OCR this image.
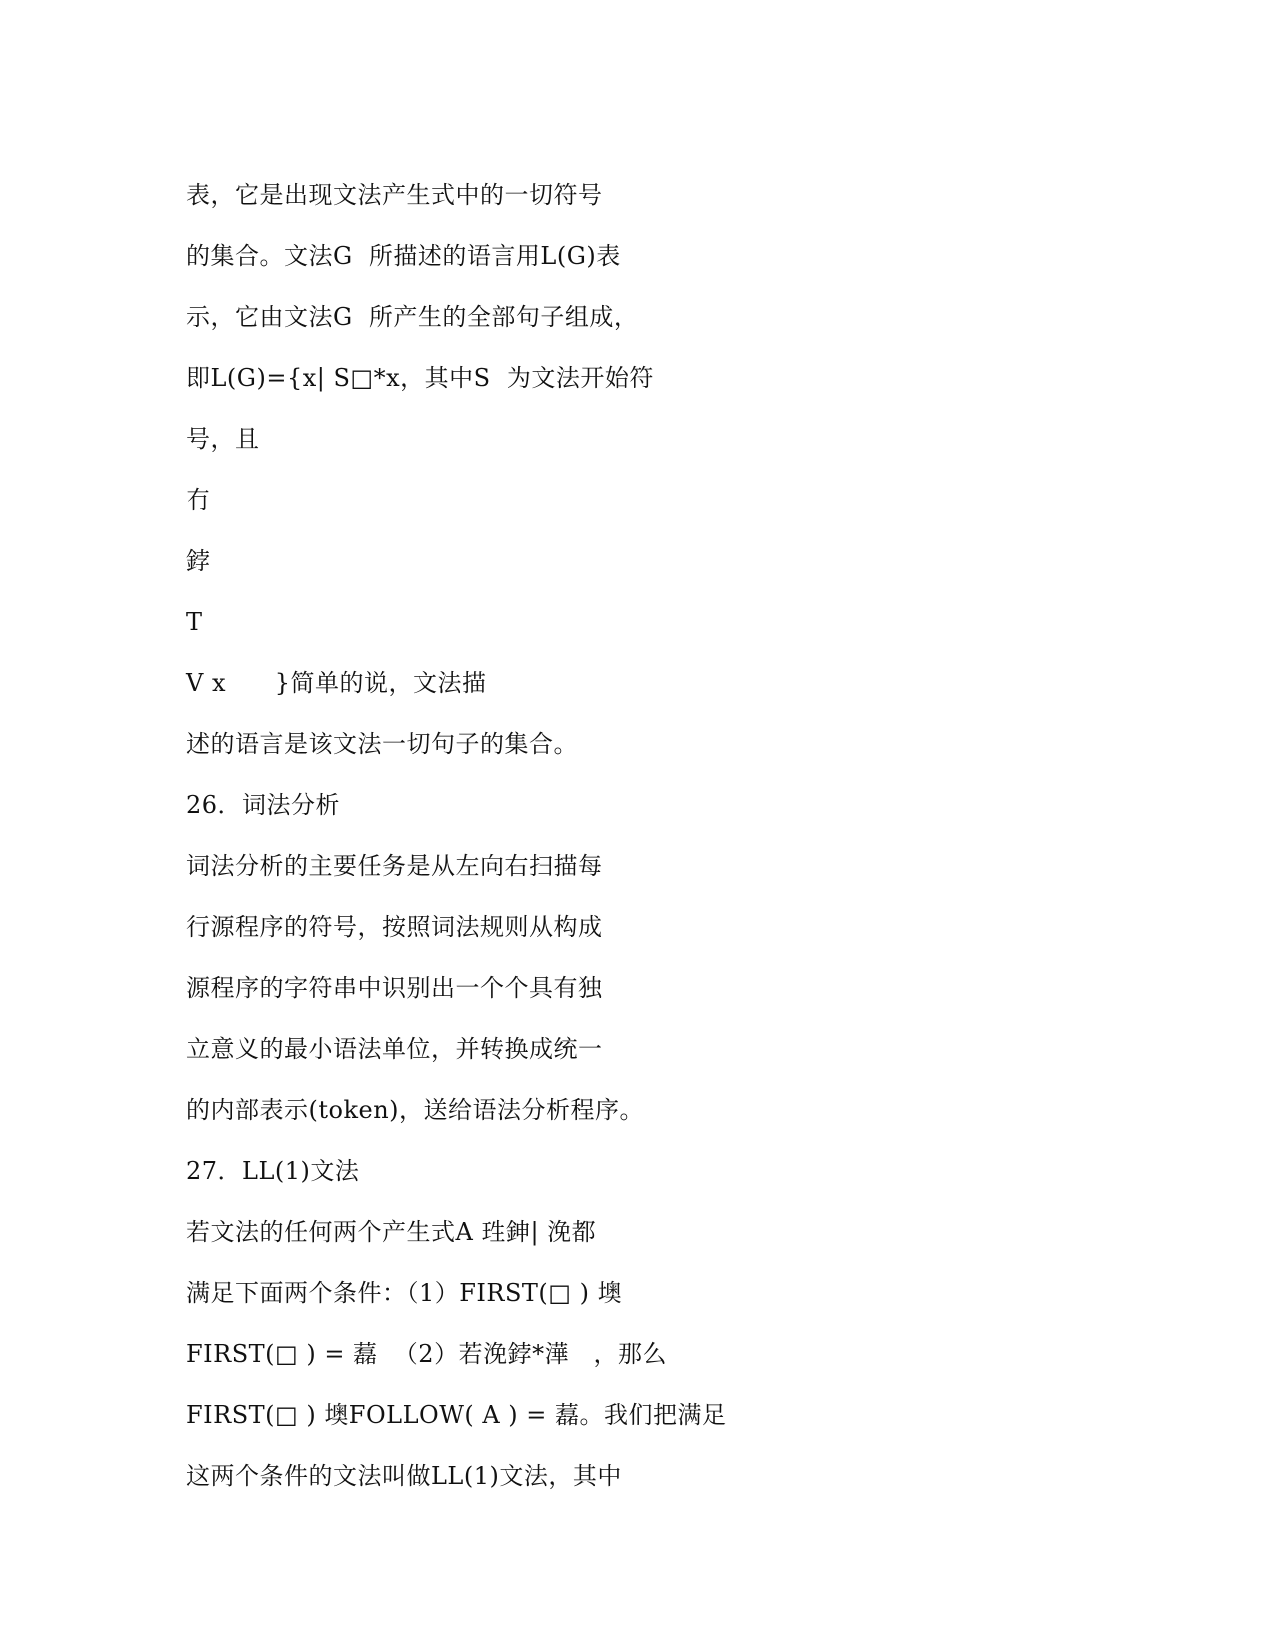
表，它是出现文法产生式中的一切符号
的集合。文法G  所描述的语言用L(G)表
示，它由文法G  所产生的全部句子组成，
即L(G)={x| S□*x，其中S  为文法开始符
号，且
冇
鋍
T
V x      }简单的说，文法描
述的语言是该文法一切句子的集合。
26．词法分析
词法分析的主要任务是从左向右扫描每
行源程序的符号，按照词法规则从构成
源程序的字符串中识别出一个个具有独
立意义的最小语法单位，并转换成统一
的内部表示(token)，送给语法分析程序。
27．LL(1)文法
若文法的任何两个产生式A 珄鉮| 浼都
满足下面两个条件：（1）FIRST(□ ) 墺
FIRST(□ ) = 藞  （2）若浼鋍*澕   ，那么
FIRST(□ ) 墺FOLLOW( A ) = 藞。我们把满足
这两个条件的文法叫做LL(1)文法，其中
